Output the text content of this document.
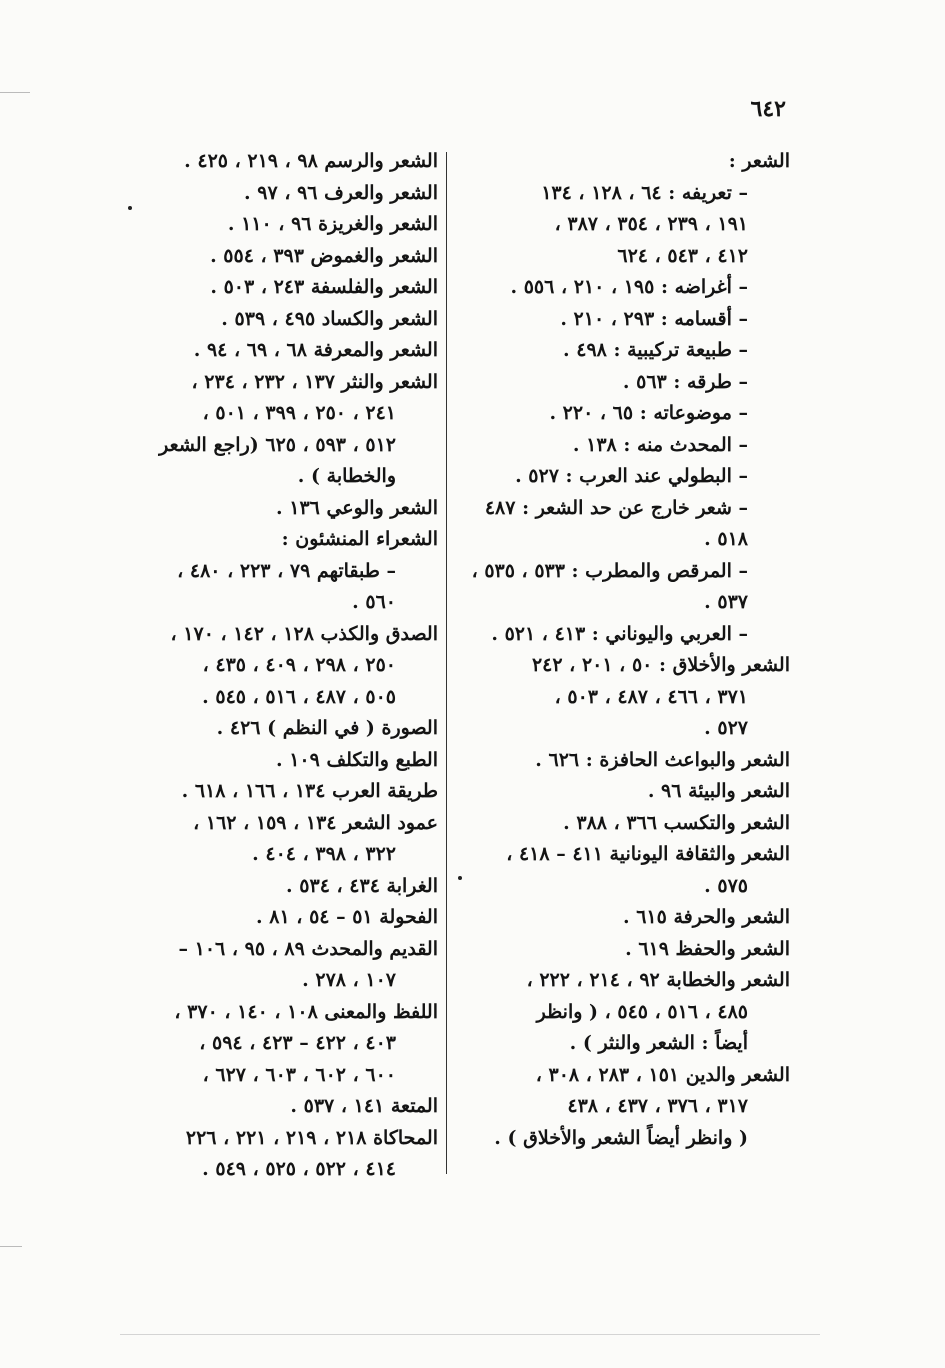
٦٤٢
الشعر :
– تعريفه : ٦٤ ، ١٢٨ ، ١٣٤
١٩١ ، ٢٣٩ ، ٣٥٤ ، ٣٨٧ ،
٤١٢ ، ٥٤٣ ، ٦٢٤
– أغراضه : ١٩٥ ، ٢١٠ ، ٥٥٦ .
– أقسامه : ٢٩٣ ، ٢١٠ .
– طبيعة تركيبية : ٤٩٨ .
– طرقه : ٥٦٣ .
– موضوعاته : ٦٥ ، ٢٢٠ .
– المحدث منه : ١٣٨ .
– البطولي عند العرب : ٥٢٧ .
– شعر خارج عن حد الشعر : ٤٨٧
٥١٨ .
– المرقص والمطرب : ٥٣٣ ، ٥٣٥ ،
٥٣٧ .
– العربي واليوناني : ٤١٣ ، ٥٢١ .
الشعر والأخلاق : ٥٠ ، ٢٠١ ، ٢٤٢
٣٧١ ، ٤٦٦ ، ٤٨٧ ، ٥٠٣ ،
٥٢٧ .
الشعر والبواعث الحافزة : ٦٢٦ .
الشعر والبيئة ٩٦ .
الشعر والتكسب ٣٦٦ ، ٣٨٨ .
الشعر والثقافة اليونانية ٤١١ – ٤١٨ ،
٥٧٥ .
الشعر والحرفة ٦١٥ .
الشعر والحفظ ٦١٩ .
الشعر والخطابة ٩٢ ، ٢١٤ ، ٢٢٢ ،
٤٨٥ ، ٥١٦ ، ٥٤٥ ، ( وانظر
أيضاً : الشعر والنثر ) .
الشعر والدين ١٥١ ، ٢٨٣ ، ٣٠٨ ،
٣١٧ ، ٣٧٦ ، ٤٣٧ ، ٤٣٨
( وانظر أيضاً الشعر والأخلاق ) .
الشعر والرسم ٩٨ ، ٢١٩ ، ٤٢٥ .
الشعر والعرف ٩٦ ، ٩٧ .
الشعر والغريزة ٩٦ ، ١١٠ .
الشعر والغموض ٣٩٣ ، ٥٥٤ .
الشعر والفلسفة ٢٤٣ ، ٥٠٣ .
الشعر والكساد ٤٩٥ ، ٥٣٩ .
الشعر والمعرفة ٦٨ ، ٦٩ ، ٩٤ .
الشعر والنثر ١٣٧ ، ٢٣٢ ، ٢٣٤ ،
٢٤١ ، ٢٥٠ ، ٣٩٩ ، ٥٠١ ،
٥١٢ ، ٥٩٣ ، ٦٢٥ (راجع الشعر
والخطابة ) .
الشعر والوعي ١٣٦ .
الشعراء المنشئون :
– طبقاتهم ٧٩ ، ٢٢٣ ، ٤٨٠ ،
٥٦٠ .
الصدق والكذب ١٢٨ ، ١٤٢ ، ١٧٠ ،
٢٥٠ ، ٢٩٨ ، ٤٠٩ ، ٤٣٥ ،
٥٠٥ ، ٤٨٧ ، ٥١٦ ، ٥٤٥ .
الصورة ( في النظم ) ٤٢٦ .
الطبع والتكلف ١٠٩ .
طريقة العرب ١٣٤ ، ١٦٦ ، ٦١٨ .
عمود الشعر ١٣٤ ، ١٥٩ ، ١٦٢ ،
٣٢٢ ، ٣٩٨ ، ٤٠٤ .
الغرابة ٤٣٤ ، ٥٣٤ .
الفحولة ٥١ – ٥٤ ، ٨١ .
القديم والمحدث ٨٩ ، ٩٥ ، ١٠٦ –
١٠٧ ، ٢٧٨ .
اللفظ والمعنى ١٠٨ ، ١٤٠ ، ٣٧٠ ،
٤٠٣ ، ٤٢٢ – ٤٢٣ ، ٥٩٤ ،
٦٠٠ ، ٦٠٢ ، ٦٠٣ ، ٦٢٧ ،
المتعة ١٤١ ، ٥٣٧ .
المحاكاة ٢١٨ ، ٢١٩ ، ٢٢١ ، ٢٢٦
٤١٤ ، ٥٢٢ ، ٥٢٥ ، ٥٤٩ .
